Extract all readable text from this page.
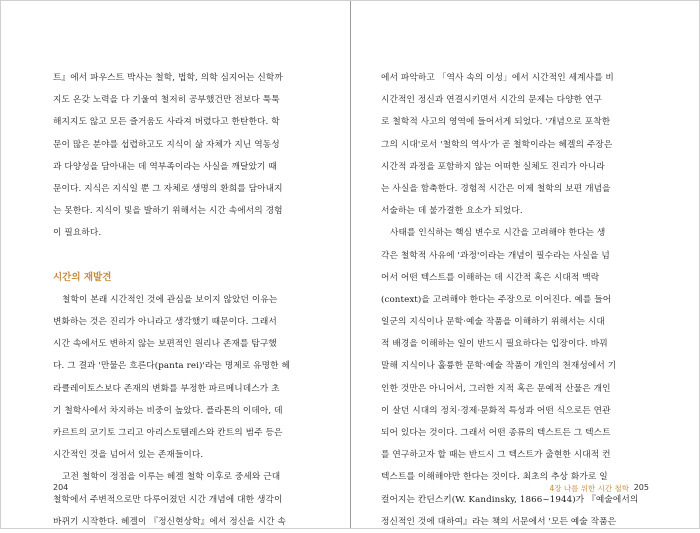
트』에서 파우스트 박사는 철학, 법학, 의학 심지어는 신학까
지도 온갖 노력을 다 기울여 철저히 공부했건만 전보다 툭툭
해지지도 않고 모든 즐거움도 사라져 버렸다고 한탄한다. 학
문이 많은 분야를 섭렵하고도 지식이 삶 자체가 지닌 역동성
과 다양성을 담아내는 데 역부족이라는 사실을 깨달았기 때
문이다. 지식은 지식일 뿐 그 자체로 생명의 환희를 담아내지
는 못한다. 지식이 빛을 발하기 위해서는 시간 속에서의 경험
이 필요하다.
시간의 재발견
철학이 본래 시간적인 것에 관심을 보이지 않았던 이유는
변화하는 것은 진리가 아니라고 생각했기 때문이다. 그래서
시간 속에서도 변하지 않는 보편적인 원리나 존재를 탐구했
다. 그 결과 '만물은 흐른다(panta rei)'라는 명제로 유명한 헤
라클레이토스보다 존재의 변화를 부정한 파르메니데스가 초
기 철학사에서 차지하는 비중이 높았다. 플라톤의 이데아, 데
카르트의 코기토 그리고 아리스토텔레스와 칸트의 범주 등은
시간적인 것을 넘어서 있는 존재들이다.
고전 철학이 정점을 이루는 헤겔 철학 이후로 중세와 근대
철학에서 주변적으로만 다루어졌던 시간 개념에 대한 생각이
바뀌기 시작한다. 헤겔이 『정신현상학』에서 정신을 시간 속
204
에서 파악하고 「역사 속의 이성」에서 시간적인 세계사를 비
시간적인 정신과 연결시키면서 시간의 문제는 다양한 연구
로 철학적 사고의 영역에 들어서게 되었다. '개념으로 포착한
그의 시대'로서 '철학의 역사'가 곧 철학이라는 헤겔의 주장은
시간적 과정을 포함하지 않는 어떠한 실체도 진리가 아니라
는 사실을 함축한다. 경험적 시간은 이제 철학의 보편 개념을
서술하는 데 불가결한 요소가 되었다.
사태를 인식하는 핵심 변수로 시간을 고려해야 한다는 생
각은 철학적 사유에 '과정'이라는 개념이 필수라는 사실을 넘
어서 어떤 텍스트를 이해하는 데 시간적 혹은 시대적 맥락
(context)을 고려해야 한다는 주장으로 이어진다. 예를 들어
일군의 지식이나 문학·예술 작품을 이해하기 위해서는 시대
적 배경을 이해하는 일이 반드시 필요하다는 입장이다. 바꿔
말해 지식이나 훌륭한 문학·예술 작품이 개인의 천재성에서 기
인한 것만은 아니어서, 그러한 지적 혹은 문예적 산물은 개인
이 살던 시대의 정치·경제·문화적 특성과 어떤 식으로든 연관
되어 있다는 것이다. 그래서 어떤 종류의 텍스트든 그 텍스트
를 연구하고자 할 때는 반드시 그 텍스트가 출현한 시대적 컨
텍스트를 이해해야만 한다는 것이다. 최초의 추상 화가로 일
컬어지는 칸딘스키(W. Kandinsky, 1866~1944)가 『예술에서의
정신적인 것에 대하여』라는 책의 서문에서 '모든 예술 작품은
4장 나를 위한 시간 철학 205
